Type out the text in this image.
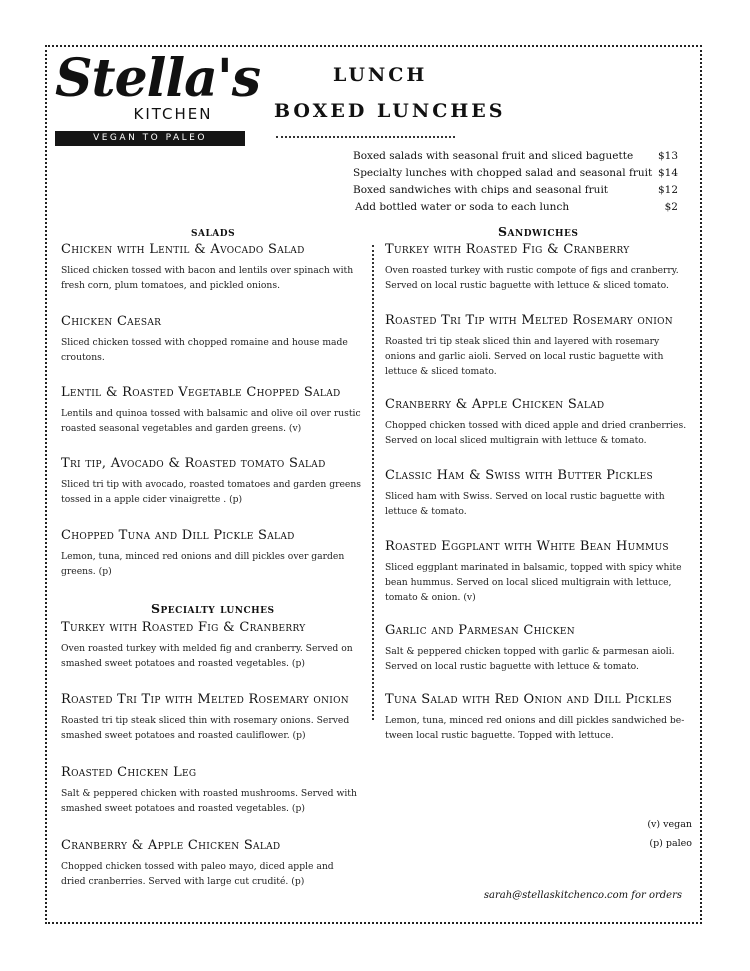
Stella's
KITCHEN
VEGAN TO PALEO
LUNCH
BOXED LUNCHES
Boxed salads with seasonal fruit and sliced baguette $13
Specialty lunches with chopped salad and seasonal fruit $14
Boxed sandwiches with chips and seasonal fruit	$12
Add bottled water or soda to each lunch	$2
salads	Sandwiches
Specialty lunches
Chicken with Lentil & Avocado Salad
Sliced chicken tossed with bacon and lentils over spinach with fresh corn, plum tomatoes, and pickled onions.
Chicken Caesar
Sliced chicken tossed with chopped romaine and house made croutons.
Lentil & Roasted Vegetable Chopped Salad
Lentils and quinoa tossed with balsamic and olive oil over rustic roasted seasonal vegetables and garden greens. (v)
Tri tip, Avocado & Roasted tomato Salad
Sliced tri tip with avocado, roasted tomatoes and garden greens tossed in a apple cider vinaigrette . (p)
Chopped Tuna and Dill Pickle Salad
Lemon, tuna, minced red onions and dill pickles over garden greens. (p)
Turkey with Roasted Fig & Cranberry
Oven roasted turkey with melded fig and cranberry. Served on smashed sweet potatoes and roasted vegetables. (p)
Roasted Tri Tip with Melted Rosemary onion
Roasted tri tip steak sliced thin with rosemary onions. Served smashed sweet potatoes and roasted cauliflower. (p)
Roasted Chicken Leg
Salt & peppered chicken with roasted mushrooms. Served with smashed sweet potatoes and roasted vegetables. (p)
Cranberry & Apple Chicken Salad
Chopped chicken tossed with paleo mayo, diced apple and dried cranberries. Served with large cut crudité. (p)
Turkey with Roasted Fig & Cranberry
Oven roasted turkey with rustic compote of figs and cranberry. Served on local rustic baguette with lettuce & sliced tomato.
Roasted Tri Tip with Melted Rosemary onion
Roasted tri tip steak sliced thin and layered with rosemary onions and garlic aioli. Served on local rustic baguette with lettuce & sliced tomato.
Cranberry & Apple Chicken Salad
Chopped chicken tossed with diced apple and dried cranberries. Served on local sliced multigrain with lettuce & tomato.
Classic Ham & Swiss with Butter Pickles
Sliced ham with Swiss. Served on local rustic baguette with lettuce & tomato.
Roasted Eggplant with White Bean Hummus
Sliced eggplant marinated in balsamic, topped with spicy white bean hummus. Served on local sliced multigrain with lettuce, tomato & onion. (v)
Garlic and Parmesan Chicken
Salt & peppered chicken topped with garlic & parmesan aioli. Served on local rustic baguette with lettuce & tomato.
Tuna Salad with Red Onion and Dill Pickles
Lemon, tuna, minced red onions and dill pickles sandwiched be-tween local rustic baguette. Topped with lettuce.
(v) vegan
(p) paleo
sarah@stellaskitchenco.com for orders
